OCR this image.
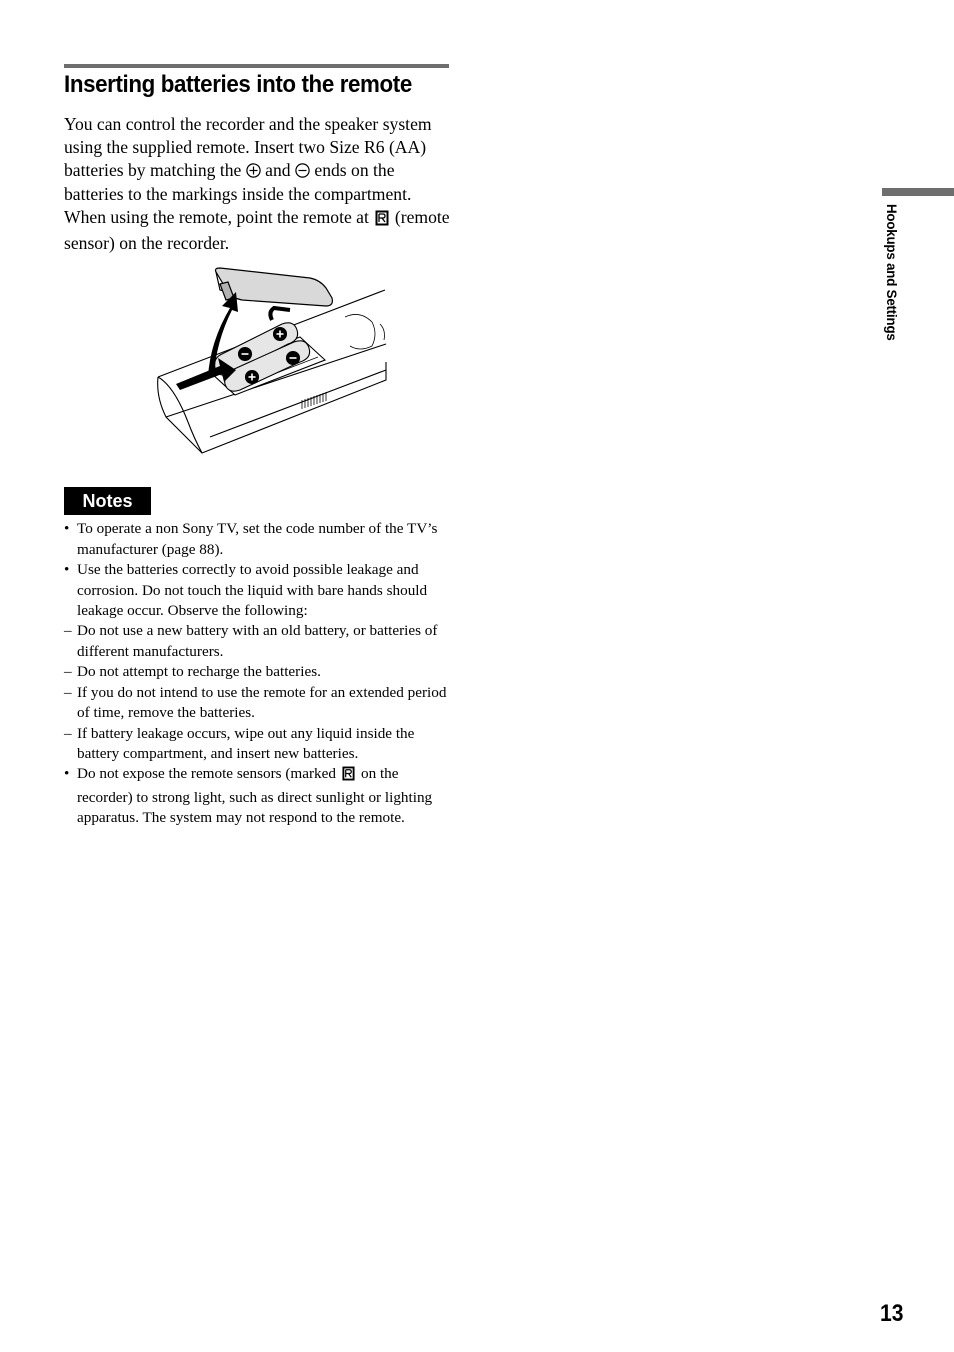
Inserting batteries into the remote

You can control the recorder and the speaker system using the supplied remote. Insert two Size R6 (AA) batteries by matching the and ends on the batteries to the markings inside the compartment. When using the remote, point the remote at (remote sensor) on the recorder.

Notes
• To operate a non Sony TV, set the code number of the TV’s manufacturer (page 88).
• Use the batteries correctly to avoid possible leakage and corrosion. Do not touch the liquid with bare hands should leakage occur. Observe the following:
– Do not use a new battery with an old battery, or batteries of different manufacturers.
– Do not attempt to recharge the batteries.
– If you do not intend to use the remote for an extended period of time, remove the batteries.
– If battery leakage occurs, wipe out any liquid inside the battery compartment, and insert new batteries.
• Do not expose the remote sensors (marked on the recorder) to strong light, such as direct sunlight or lighting apparatus. The system may not respond to the remote.
Hookups and Settings
13
